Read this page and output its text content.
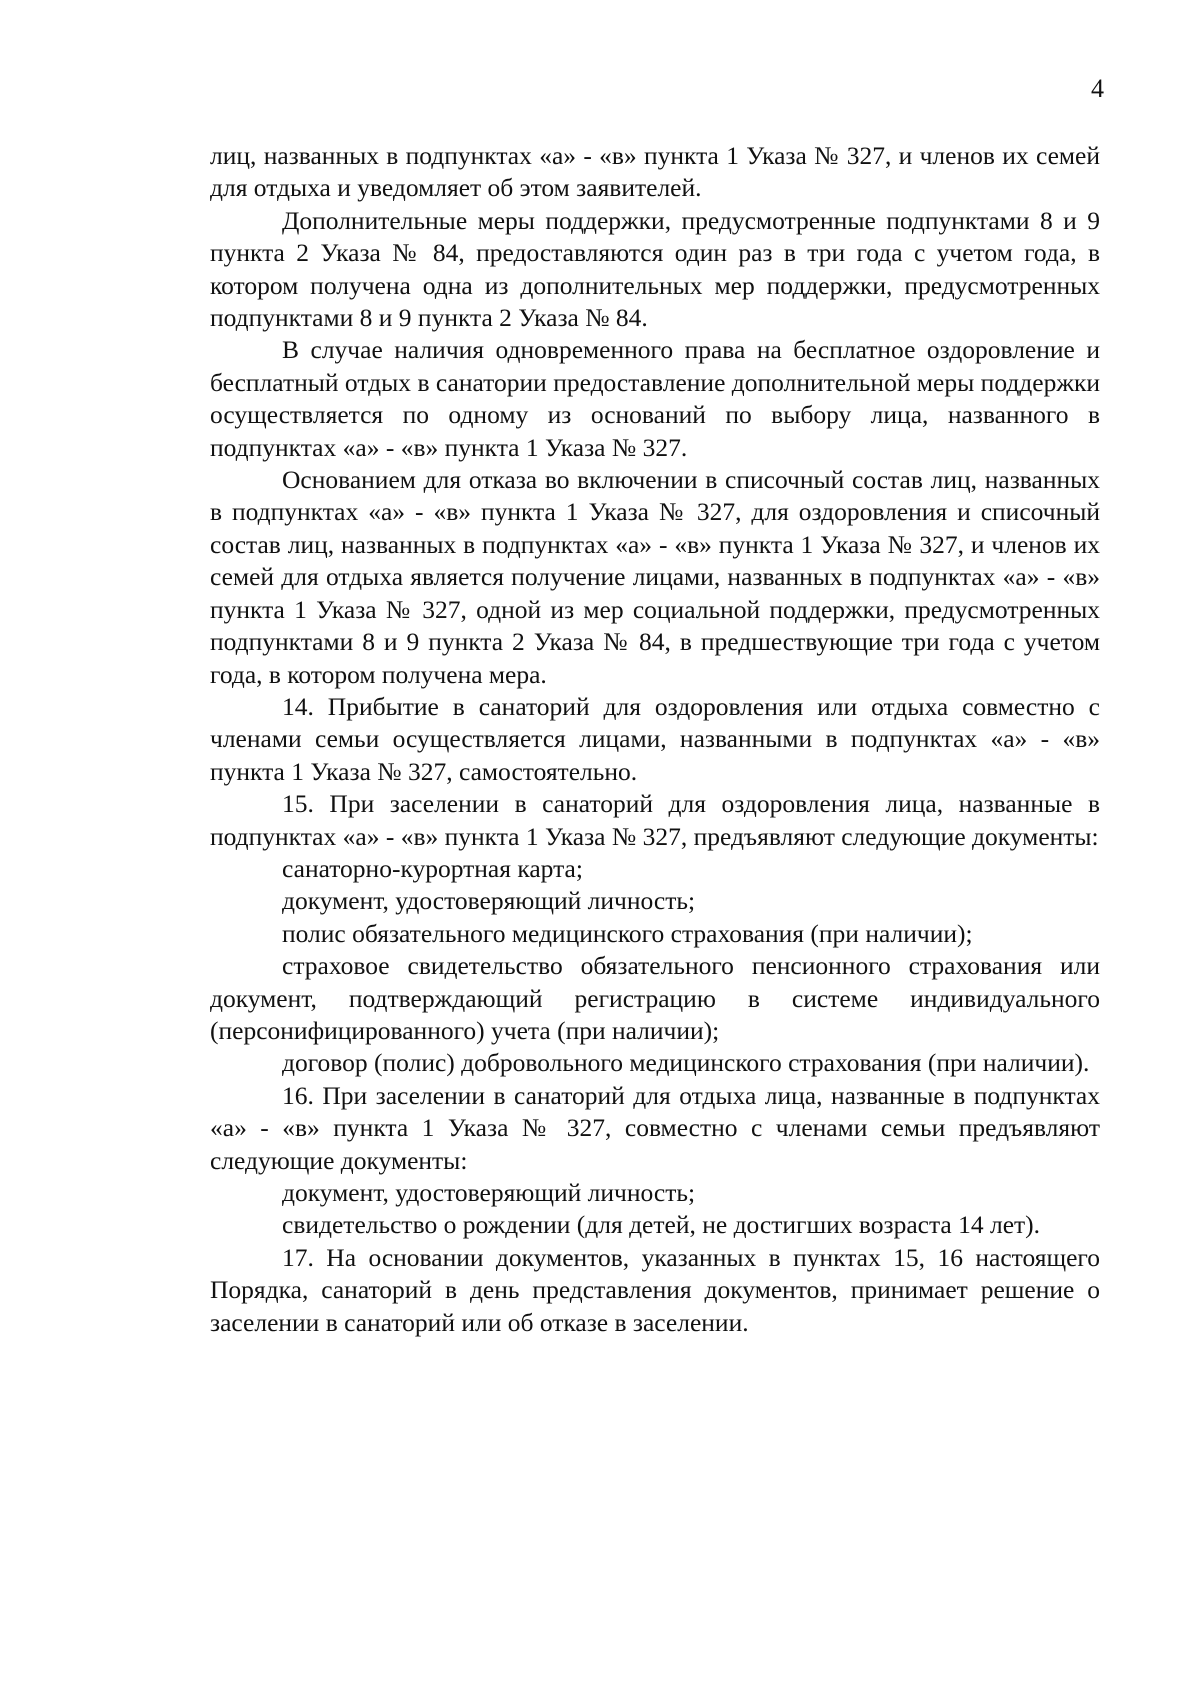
4

лиц, названных в подпунктах «а» - «в» пункта 1 Указа № 327, и членов их семей для отдыха и уведомляет об этом заявителей.

Дополнительные меры поддержки, предусмотренные подпунктами 8 и 9 пункта 2 Указа № 84, предоставляются один раз в три года с учетом года, в котором получена одна из дополнительных мер поддержки, предусмотренных подпунктами 8 и 9 пункта 2 Указа № 84.

В случае наличия одновременного права на бесплатное оздоровление и бесплатный отдых в санатории предоставление дополнительной меры поддержки осуществляется по одному из оснований по выбору лица, названного в подпунктах «а» - «в» пункта 1 Указа № 327.

Основанием для отказа во включении в списочный состав лиц, названных в подпунктах «а» - «в» пункта 1 Указа № 327, для оздоровления и списочный состав лиц, названных в подпунктах «а» - «в» пункта 1 Указа № 327, и членов их семей для отдыха является получение лицами, названных в подпунктах «а» - «в» пункта 1 Указа № 327, одной из мер социальной поддержки, предусмотренных подпунктами 8 и 9 пункта 2 Указа № 84, в предшествующие три года с учетом года, в котором получена мера.

14. Прибытие в санаторий для оздоровления или отдыха совместно с членами семьи осуществляется лицами, названными в подпунктах «а» - «в» пункта 1 Указа № 327, самостоятельно.

15. При заселении в санаторий для оздоровления лица, названные в подпунктах «а» - «в» пункта 1 Указа № 327, предъявляют следующие документы:

санаторно-курортная карта;

документ, удостоверяющий личность;

полис обязательного медицинского страхования (при наличии);

страховое свидетельство обязательного пенсионного страхования или документ, подтверждающий регистрацию в системе индивидуального (персонифицированного) учета (при наличии);

договор (полис) добровольного медицинского страхования (при наличии).

16. При заселении в санаторий для отдыха лица, названные в подпунктах «а» - «в» пункта 1 Указа № 327, совместно с членами семьи предъявляют следующие документы:

документ, удостоверяющий личность;

свидетельство о рождении (для детей, не достигших возраста 14 лет).

17. На основании документов, указанных в пунктах 15, 16 настоящего Порядка, санаторий в день представления документов, принимает решение о заселении в санаторий или об отказе в заселении.
